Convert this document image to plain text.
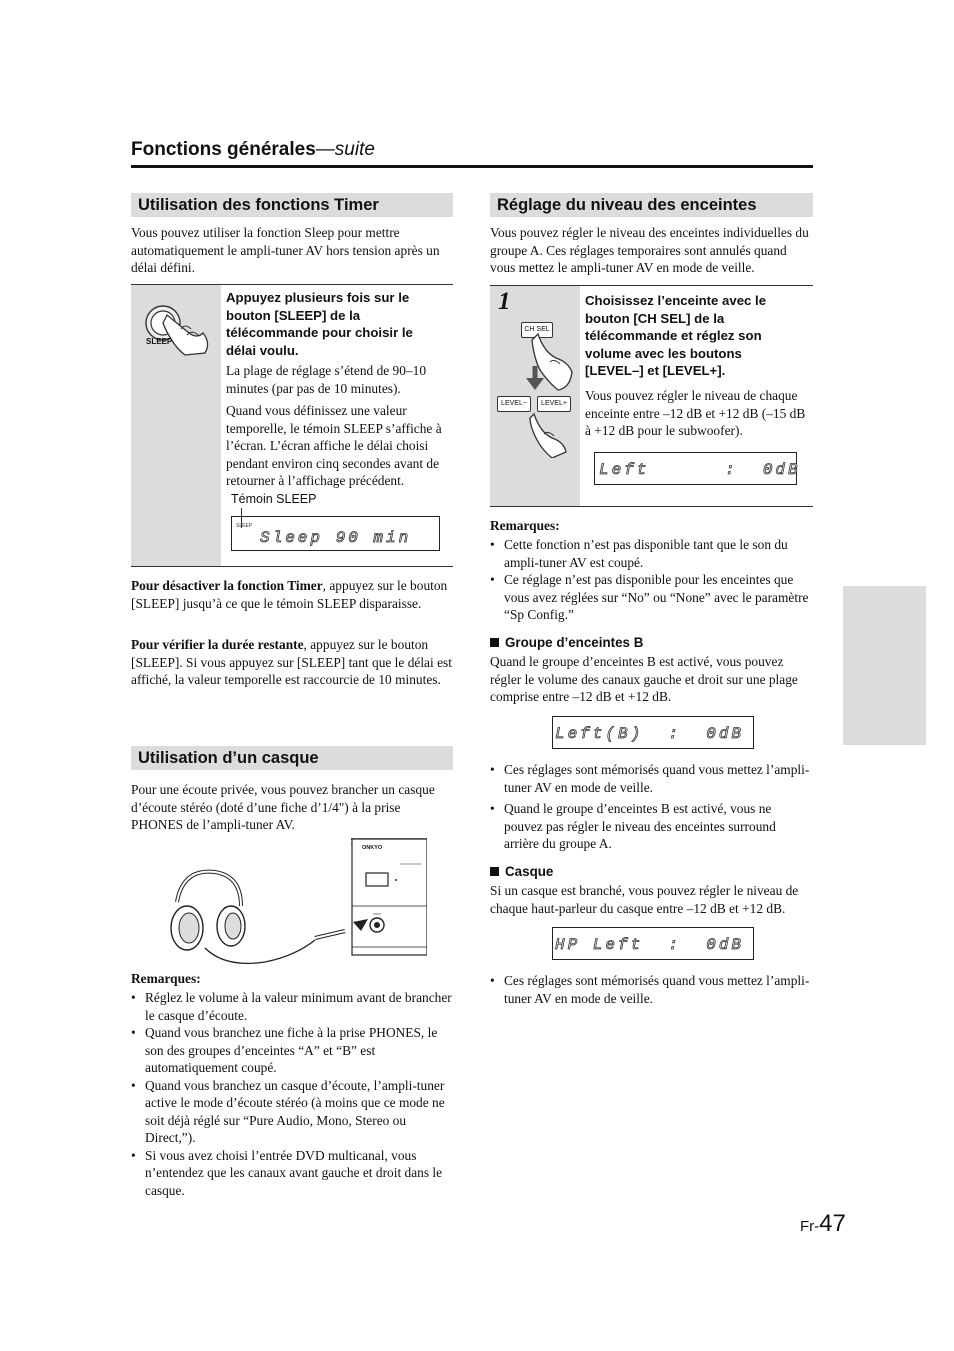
Fonctions générales—suite
Utilisation des fonctions Timer

Vous pouvez utiliser la fonction Sleep pour mettre automatiquement le ampli-tuner AV hors tension après un délai défini.

SLEEP
Appuyez plusieurs fois sur le bouton [SLEEP] de la télécommande pour choisir le délai voulu.

La plage de réglage s’étend de 90–10 minutes (par pas de 10 minutes).

Quand vous définissez une valeur temporelle, le témoin SLEEP s’affiche à l’écran. L’écran affiche le délai choisi pendant environ cinq secondes avant de retourner à l’affichage précédent.

Témoin SLEEP
SLEEP
Sleep 90 min

Pour désactiver la fonction Timer, appuyez sur le bouton [SLEEP] jusqu’à ce que le témoin SLEEP disparaisse.

Pour vérifier la durée restante, appuyez sur le bouton [SLEEP]. Si vous appuyez sur [SLEEP] tant que le délai est affiché, la valeur temporelle est raccourcie de 10 minutes.

Utilisation d’un casque

Pour une écoute privée, vous pouvez brancher un casque d’écoute stéréo (doté d’une fiche d’1/4") à la prise PHONES de l’ampli-tuner AV.

ONKYO
Remarques:
• Réglez le volume à la valeur minimum avant de brancher le casque d’écoute.
• Quand vous branchez une fiche à la prise PHONES, le son des groupes d’enceintes “A” et “B” est automatiquement coupé.
• Quand vous branchez un casque d’écoute, l’ampli-tuner active le mode d’écoute stéréo (à moins que ce mode ne soit déjà réglé sur “Pure Audio, Mono, Stereo ou Direct,”).
• Si vous avez choisi l’entrée DVD multicanal, vous n’entendez que les canaux avant gauche et droit dans le casque.
Réglage du niveau des enceintes

Vous pouvez régler le niveau des enceintes individuelles du groupe A. Ces réglages temporaires sont annulés quand vous mettez le ampli-tuner AV en mode de veille.

1
CH SEL
LEVEL−	LEVEL+
Choisissez l’enceinte avec le bouton [CH SEL] de la télécommande et réglez son volume avec les boutons [LEVEL–] et [LEVEL+].

Vous pouvez régler le niveau de chaque enceinte entre –12 dB et +12 dB (–15 dB à +12 dB pour le subwoofer).

Left      :  0dB
Remarques:
• Cette fonction n’est pas disponible tant que le son du ampli-tuner AV est coupé.
• Ce réglage n’est pas disponible pour les enceintes que vous avez réglées sur “No” ou “None” avec le paramètre “Sp Config.”
Groupe d’enceintes B

Quand le groupe d’enceintes B est activé, vous pouvez régler le volume des canaux gauche et droit sur une plage comprise entre –12 dB et +12 dB.

Left(B)  :  0dB
• Ces réglages sont mémorisés quand vous mettez l’ampli-tuner AV en mode de veille.
• Quand le groupe d’enceintes B est activé, vous ne pouvez pas régler le niveau des enceintes surround arrière du groupe A.
Casque

Si un casque est branché, vous pouvez régler le niveau de chaque haut-parleur du casque entre –12 dB et +12 dB.

HP Left  :  0dB
• Ces réglages sont mémorisés quand vous mettez l’ampli-tuner AV en mode de veille.
Fr-47
